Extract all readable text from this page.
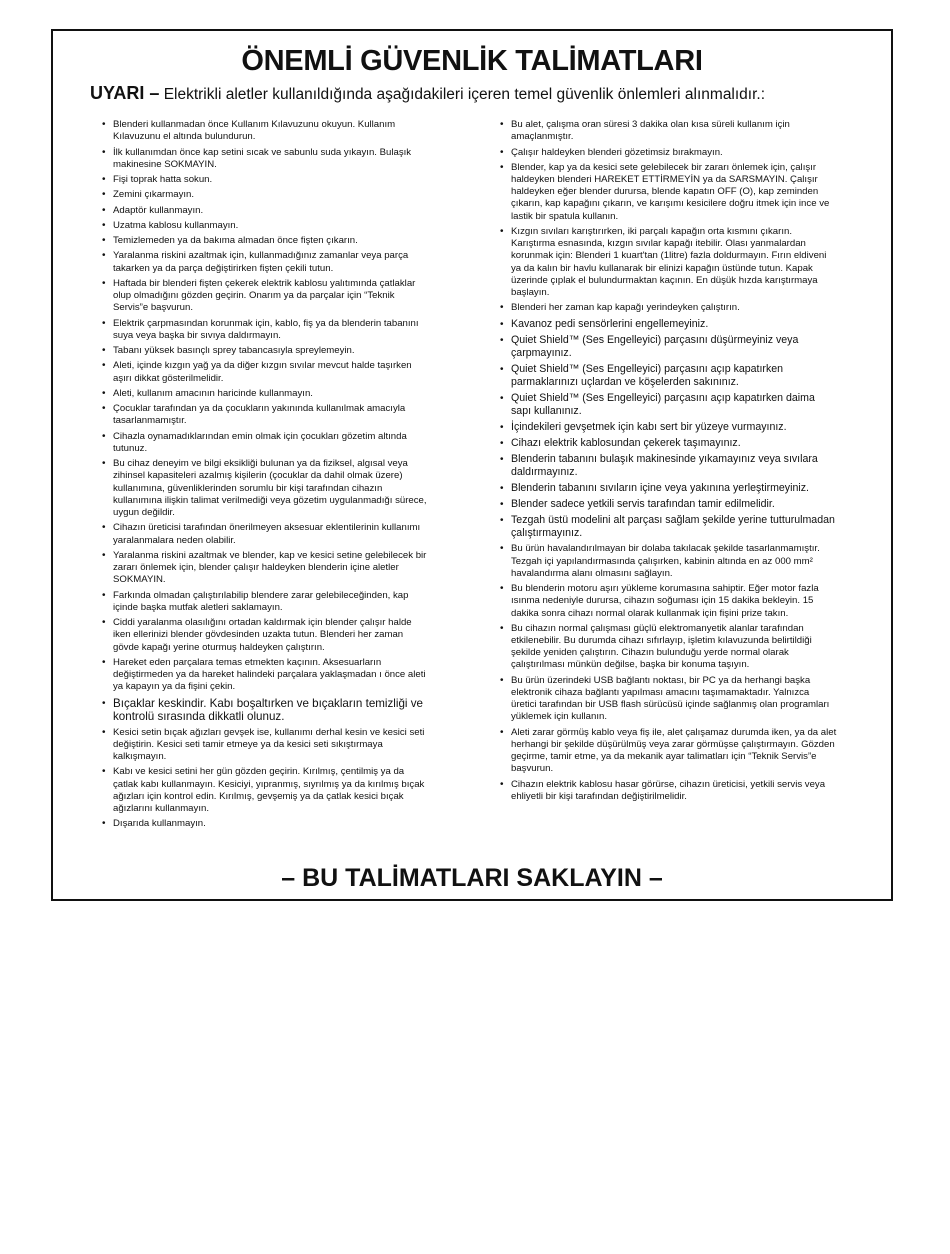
ÖNEMLİ GÜVENLİK TALİMATLARI

UYARI – Elektrikli aletler kullanıldığında aşağıdakileri içeren temel güvenlik önlemleri alınmalıdır.:

• Blenderi kullanmadan önce Kullanım Kılavuzunu okuyun. Kullanım Kılavuzunu el altında bulundurun.
• İlk kullanımdan önce kap setini sıcak ve sabunlu suda yıkayın. Bulaşık makinesine SOKMAYIN.
• Fişi toprak hatta sokun.
• Zemini çıkarmayın.
• Adaptör kullanmayın.
• Uzatma kablosu kullanmayın.
• Temizlemeden ya da bakıma almadan önce fişten çıkarın.
• Yaralanma riskini azaltmak için, kullanmadığınız zamanlar veya parça takarken ya da parça değiştirirken fişten çekili tutun.
• Haftada bir blenderi fişten çekerek elektrik kablosu yalıtımında çatlaklar olup olmadığını gözden geçirin. Onarım ya da parçalar için “Teknik Servis”e başvurun.
• Elektrik çarpmasından korunmak için, kablo, fiş ya da blenderin tabanını suya veya başka bir sıvıya daldırmayın.
• Tabanı yüksek basınçlı sprey tabancasıyla spreylemeyin.
• Aleti, içinde kızgın yağ ya da diğer kızgın sıvılar mevcut halde taşırken aşırı dikkat gösterilmelidir.
• Aleti, kullanım amacının haricinde kullanmayın.
• Çocuklar tarafından ya da çocukların yakınında kullanılmak amacıyla tasarlanmamıştır.
• Cihazla oynamadıklarından emin olmak için çocukları gözetim altında tutunuz.
• Bu cihaz deneyim ve bilgi eksikliği bulunan ya da fiziksel, algısal veya zihinsel kapasiteleri azalmış kişilerin (çocuklar da dahil olmak üzere) kullanımına, güvenliklerinden sorumlu bir kişi tarafından cihazın kullanımına ilişkin talimat verilmediği veya gözetim uygulanmadığı sürece, uygun değildir.
• Cihazın üreticisi tarafından önerilmeyen aksesuar eklentilerinin kullanımı yaralanmalara neden olabilir.
• Yaralanma riskini azaltmak ve blender, kap ve kesici setine gelebilecek bir zararı önlemek için, blender çalışır haldeyken blenderin içine aletler SOKMAYIN.
• Farkında olmadan çalıştırılabilip blendere zarar gelebileceğinden, kap içinde başka mutfak aletleri saklamayın.
• Ciddi yaralanma olasılığını ortadan kaldırmak için blender çalışır halde iken ellerinizi blender gövdesinden uzakta tutun. Blenderi her zaman gövde kapağı yerine oturmuş haldeyken çalıştırın.
• Hareket eden parçalara temas etmekten kaçının. Aksesuarların değiştirmeden ya da hareket halindeki parçalara yaklaşmadan ı önce aleti ya kapayın ya da fişini çekin.
• Bıçaklar keskindir. Kabı boşaltırken ve bıçakların temizliği ve kontrolü sırasında dikkatli olunuz.
• Kesici setin bıçak ağızları gevşek ise, kullanımı derhal kesin ve kesici seti değiştirin. Kesici seti tamir etmeye ya da kesici seti sıkıştırmaya kalkışmayın.
• Kabı ve kesici setini her gün gözden geçirin. Kırılmış, çentilmiş ya da çatlak kabı kullanmayın. Kesiciyi, yıpranmış, sıyrılmış ya da kırılmış bıçak ağızları için kontrol edin. Kırılmış, gevşemiş ya da çatlak kesici bıçak ağızlarını kullanmayın.
• Dışarıda kullanmayın.
• Bu alet, çalışma oran süresi 3 dakika olan kısa süreli kullanım için amaçlanmıştır.
• Çalışır haldeyken blenderi gözetimsiz bırakmayın.
• Blender, kap ya da kesici sete gelebilecek bir zararı önlemek için, çalışır haldeyken blenderi HAREKET ETTİRMEYİN ya da SARSMAYIN. Çalışır haldeyken eğer blender durursa, blende kapatın OFF (O), kap zeminden çıkarın, kap kapağını çıkarın, ve karışımı kesicilere doğru itmek için ince ve lastik bir spatula kullanın.
• Kızgın sıvıları karıştırırken, iki parçalı kapağın orta kısmını çıkarın. Karıştırma esnasında, kızgın sıvılar kapağı itebilir. Olası yanmalardan korunmak için: Blenderi 1 kuart'tan (1litre) fazla doldurmayın. Fırın eldiveni ya da kalın bir havlu kullanarak bir elinizi kapağın üstünde tutun. Kapak üzerinde çıplak el bulundurmaktan kaçının. En düşük hızda karıştırmaya başlayın.
• Blenderi her zaman kap kapağı yerindeyken çalıştırın.
• Kavanoz pedi sensörlerini engellemeyiniz.
• Quiet Shield™ (Ses Engelleyici) parçasını düşürmeyiniz veya çarpmayınız.
• Quiet Shield™ (Ses Engelleyici) parçasını açıp kapatırken parmaklarınızı uçlardan ve köşelerden sakınınız.
• Quiet Shield™ (Ses Engelleyici) parçasını açıp kapatırken daima sapı kullanınız.
• İçindekileri gevşetmek için kabı sert bir yüzeye vurmayınız.
• Cihazı elektrik kablosundan çekerek taşımayınız.
• Blenderin tabanını bulaşık makinesinde yıkamayınız veya sıvılara daldırmayınız.
• Blenderin tabanını sıvıların içine veya yakınına yerleştirmeyiniz.
• Blender sadece yetkili servis tarafından tamir edilmelidir.
• Tezgah üstü modelini alt parçası sağlam şekilde yerine tutturulmadan çalıştırmayınız.
• Bu ürün havalandırılmayan bir dolaba takılacak şekilde tasarlanmamıştır. Tezgah içi yapılandırmasında çalışırken, kabinin altında en az 000 mm² havalandırma alanı olmasını sağlayın.
• Bu blenderin motoru aşırı yükleme korumasına sahiptir. Eğer motor fazla ısınma nedeniyle durursa, cihazın soğuması için 15 dakika bekleyin. 15 dakika sonra cihazı normal olarak kullanmak için fişini prize takın.
• Bu cihazın normal çalışması güçlü elektromanyetik alanlar tarafından etkilenebilir. Bu durumda cihazı sıfırlayıp, işletim kılavuzunda belirtildiği şekilde yeniden çalıştırın. Cihazın bulunduğu yerde normal olarak çalıştırılması münkün değilse, başka bir konuma taşıyın.
• Bu ürün üzerindeki USB bağlantı noktası, bir PC ya da herhangi başka elektronik cihaza bağlantı yapılması amacını taşımamaktadır. Yalnızca üretici tarafından bir USB flash sürücüsü içinde sağlanmış olan programları yüklemek için kullanın.
• Aleti zarar görmüş kablo veya fiş ile, alet çalışamaz durumda iken, ya da alet herhangi bir şekilde düşürülmüş veya zarar görmüşse çalıştırmayın. Gözden geçirme, tamir etme, ya da mekanik ayar talimatları için “Teknik Servis”e başvurun.
• Cihazın elektrik kablosu hasar görürse, cihazın üreticisi, yetkili servis veya ehliyetli bir kişi tarafından değiştirilmelidir.

– BU TALİMATLARI SAKLAYIN –
